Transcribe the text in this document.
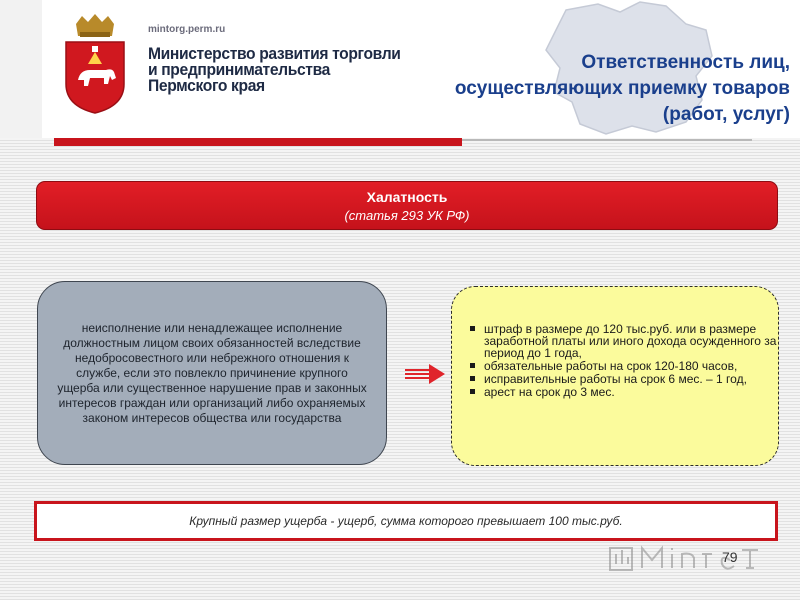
mintorg.perm.ru
Министерство развития торговли
и предпринимательства
Пермского края
Ответственность лиц,
осуществляющих приемку товаров
(работ, услуг)
Халатность
(статья 293 УК РФ)
неисполнение или ненадлежащее исполнение должностным лицом своих обязанностей вследствие недобросовестного или небрежного отношения к службе, если это повлекло причинение крупного ущерба или существенное нарушение прав и законных интересов граждан или организаций либо охраняемых законом интересов общества или государства
штраф в размере до 120 тыс.руб. или в размере заработной платы или иного дохода осужденного за период до 1 года,
обязательные работы на срок 120-180 часов,
исправительные работы на срок 6 мес. – 1 год,
арест на срок до 3 мес.
Крупный размер ущерба - ущерб, сумма которого превышает 100 тыс.руб.
79
